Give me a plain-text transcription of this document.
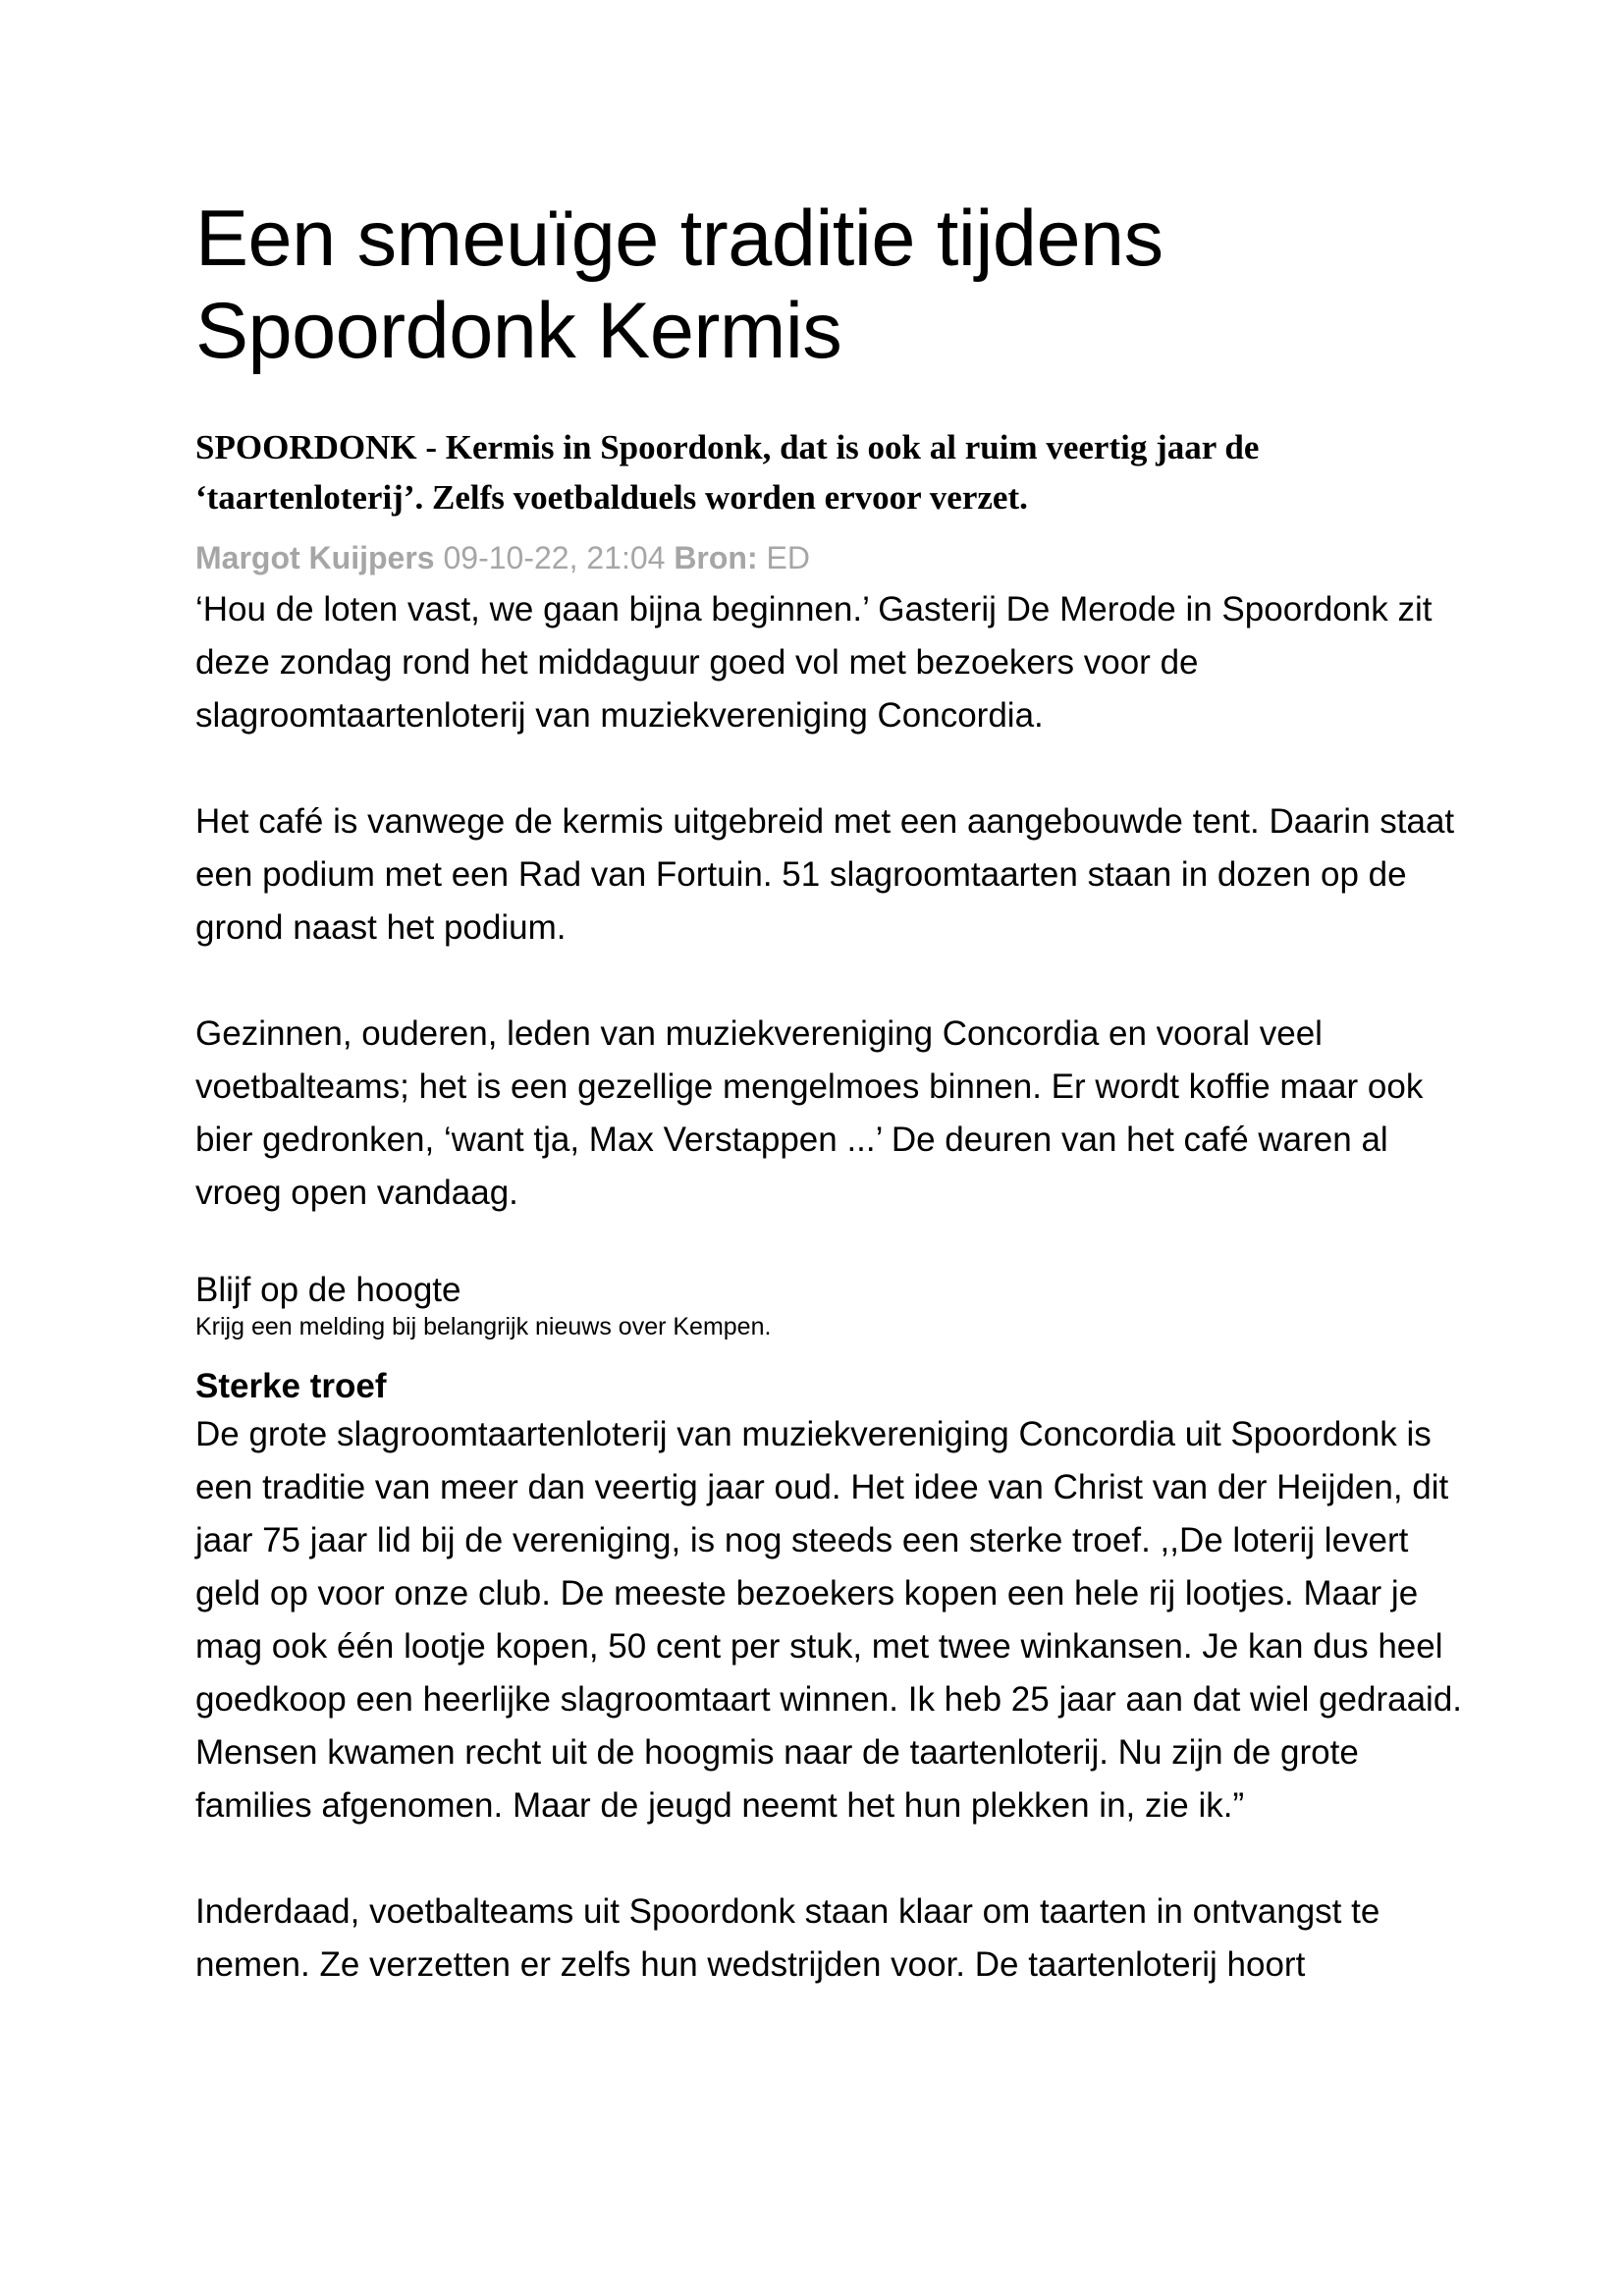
Een smeuïge traditie tijdens Spoordonk Kermis

SPOORDONK - Kermis in Spoordonk, dat is ook al ruim veertig jaar de ‘taartenloterij’. Zelfs voetbalduels worden ervoor verzet.

Margot Kuijpers 09-10-22, 21:04 Bron: ED

‘Hou de loten vast, we gaan bijna beginnen.’ Gasterij De Merode in Spoordonk zit deze zondag rond het middaguur goed vol met bezoekers voor de slagroomtaartenloterij van muziekvereniging Concordia.

Het café is vanwege de kermis uitgebreid met een aangebouwde tent. Daarin staat een podium met een Rad van Fortuin. 51 slagroomtaarten staan in dozen op de grond naast het podium.

Gezinnen, ouderen, leden van muziekvereniging Concordia en vooral veel voetbalteams; het is een gezellige mengelmoes binnen. Er wordt koffie maar ook bier gedronken, ‘want tja, Max Verstappen ...’ De deuren van het café waren al vroeg open vandaag.

Blijf op de hoogte
Krijg een melding bij belangrijk nieuws over Kempen.
Sterke troef

De grote slagroomtaartenloterij van muziekvereniging Concordia uit Spoordonk is een traditie van meer dan veertig jaar oud. Het idee van Christ van der Heijden, dit jaar 75 jaar lid bij de vereniging, is nog steeds een sterke troef. ,,De loterij levert geld op voor onze club. De meeste bezoekers kopen een hele rij lootjes. Maar je mag ook één lootje kopen, 50 cent per stuk, met twee winkansen. Je kan dus heel goedkoop een heerlijke slagroomtaart winnen. Ik heb 25 jaar aan dat wiel gedraaid. Mensen kwamen recht uit de hoogmis naar de taartenloterij. Nu zijn de grote families afgenomen. Maar de jeugd neemt het hun plekken in, zie ik.”

Inderdaad, voetbalteams uit Spoordonk staan klaar om taarten in ontvangst te nemen. Ze verzetten er zelfs hun wedstrijden voor. De taartenloterij hoort
